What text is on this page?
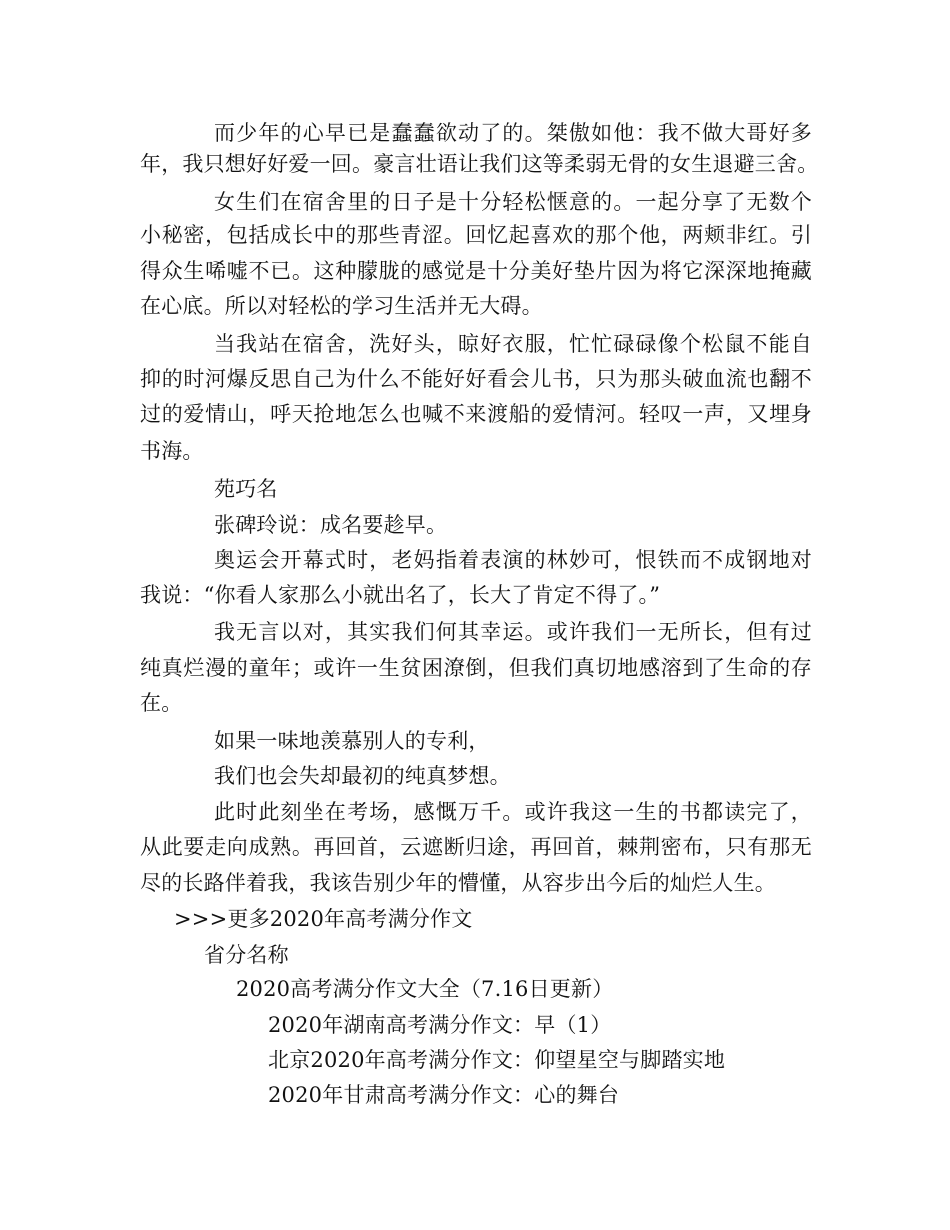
而少年的心早已是蠢蠢欲动了的。桀傲如他：我不做大哥好多
年，我只想好好爱一回。豪言壮语让我们这等柔弱无骨的女生退避三舍。
女生们在宿舍里的日子是十分轻松惬意的。一起分享了无数个
小秘密，包括成长中的那些青涩。回忆起喜欢的那个他，两颊非红。引
得众生唏嘘不已。这种朦胧的感觉是十分美好垫片因为将它深深地掩藏
在心底。所以对轻松的学习生活并无大碍。
当我站在宿舍，洗好头，晾好衣服，忙忙碌碌像个松鼠不能自
抑的时河爆反思自己为什么不能好好看会儿书，只为那头破血流也翻不
过的爱情山，呼天抢地怎么也喊不来渡船的爱情河。轻叹一声，又埋身
书海。
苑巧名
张碑玲说：成名要趁早。
奥运会开幕式时，老妈指着表演的林妙可，恨铁而不成钢地对
我说：“你看人家那么小就出名了，长大了肯定不得了。”
我无言以对，其实我们何其幸运。或许我们一无所长，但有过
纯真烂漫的童年；或许一生贫困潦倒，但我们真切地感溶到了生命的存
在。
如果一味地羡慕别人的专利，
我们也会失却最初的纯真梦想。
此时此刻坐在考场，感慨万千。或许我这一生的书都读完了，
从此要走向成熟。再回首，云遮断归途，再回首，棘荆密布，只有那无
尽的长路伴着我，我该告别少年的懵懂，从容步出今后的灿烂人生。
>>>更多2020年高考满分作文
省分名称
2020高考满分作文大全（7.16日更新）
2020年湖南高考满分作文：早（1）
北京2020年高考满分作文：仰望星空与脚踏实地
2020年甘肃高考满分作文：心的舞台
